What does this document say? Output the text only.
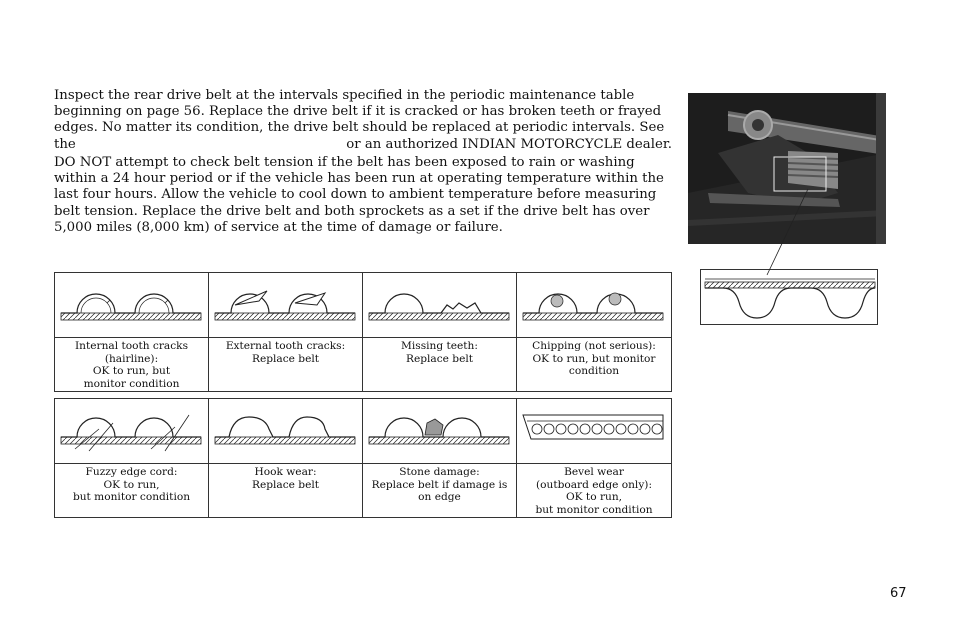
Inspect the rear drive belt at the intervals specified in the periodic maintenance table beginning on page 56. Replace the drive belt if it is cracked or has broken teeth or frayed edges. No matter its condition, the drive belt should be replaced at periodic intervals. See the	or an authorized INDIAN MOTORCYCLE dealer.

DO NOT attempt to check belt tension if the belt has been exposed to rain or washing within a 24 hour period or if the vehicle has been run at operating temperature within the last four hours. Allow the vehicle to cool down to ambient temperature before measuring belt tension. Replace the drive belt and both sprockets as a set if the drive belt has over 5,000 miles (8,000 km) of service at the time of damage or failure.

Internal tooth cracks (hairline):
OK to run, but
monitor condition
External tooth cracks:
Replace belt
Missing teeth:
Replace belt
Chipping (not serious):
OK to run, but monitor
condition
Fuzzy edge cord:
OK to run,
but monitor condition
Hook wear:
Replace belt
Stone damage:
Replace belt if damage is
on edge
Bevel wear
(outboard edge only):
OK to run,
but monitor condition
67
